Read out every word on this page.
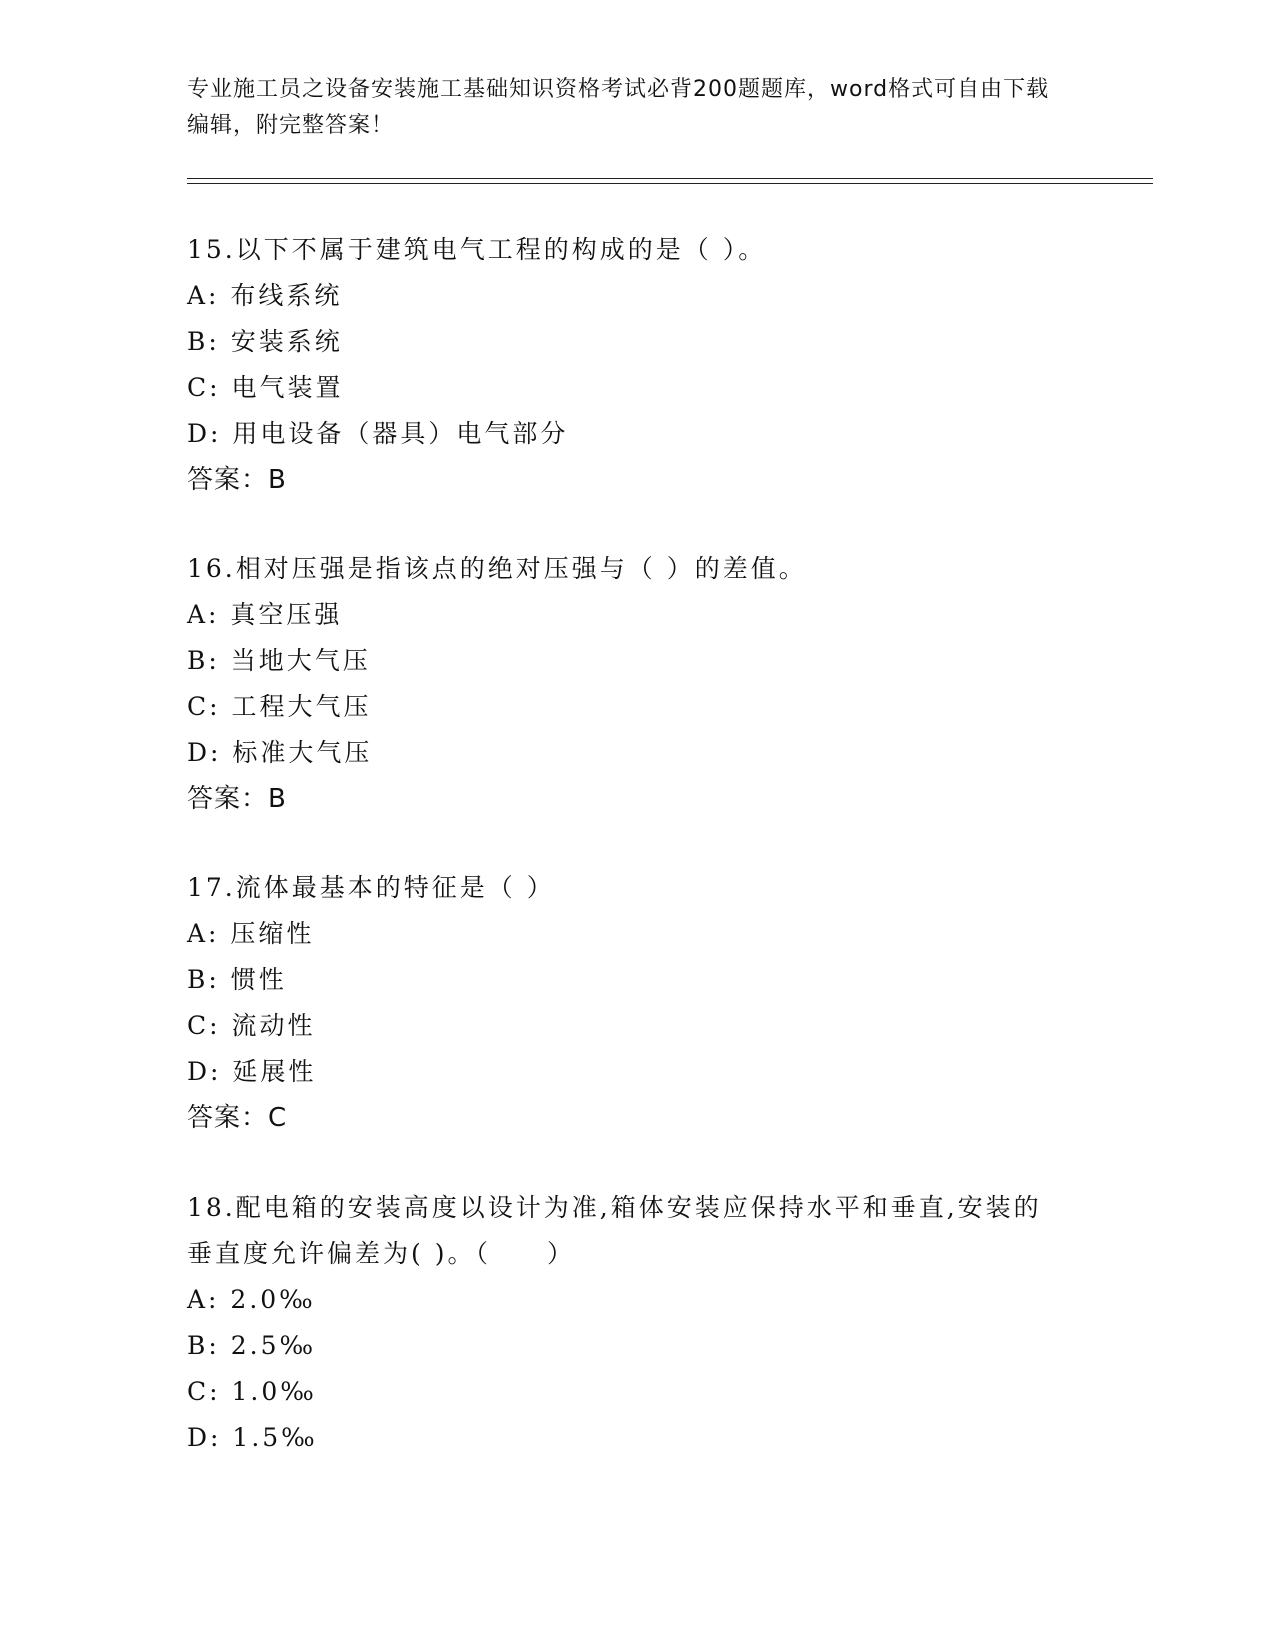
专业施工员之设备安装施工基础知识资格考试必背200题题库，word格式可自由下载编辑，附完整答案！
15.以下不属于建筑电气工程的构成的是（ ）。
A: 布线系统
B: 安装系统
C: 电气装置
D: 用电设备（器具）电气部分
答案：B
16.相对压强是指该点的绝对压强与（ ）的差值。
A: 真空压强
B: 当地大气压
C: 工程大气压
D: 标准大气压
答案：B
17.流体最基本的特征是（ ）
A: 压缩性
B: 惯性
C: 流动性
D: 延展性
答案：C
18.配电箱的安装高度以设计为准,箱体安装应保持水平和垂直,安装的垂直度允许偏差为( )。（　　）
A: 2.0‰
B: 2.5‰
C: 1.0‰
D: 1.5‰
